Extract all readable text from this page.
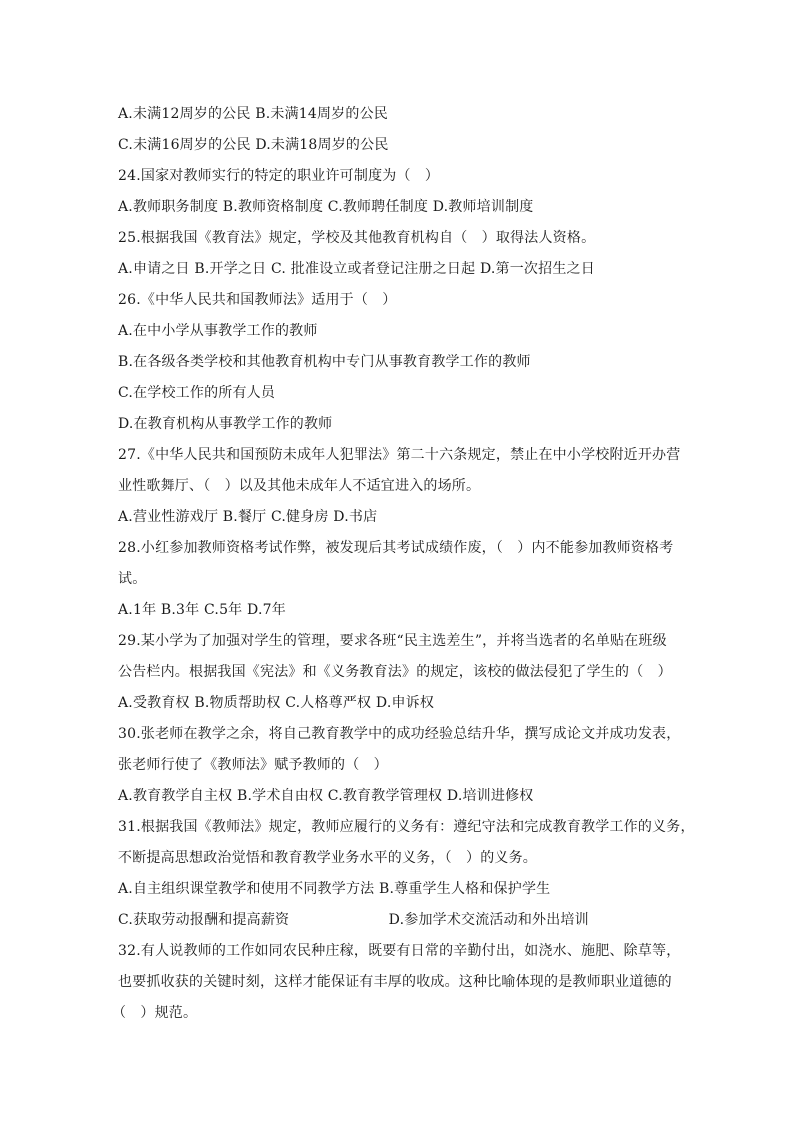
A.未满12周岁的公民 B.未满14周岁的公民
C.未满16周岁的公民 D.未满18周岁的公民
24.国家对教师实行的特定的职业许可制度为（　）
A.教师职务制度 B.教师资格制度 C.教师聘任制度 D.教师培训制度
25.根据我国《教育法》规定，学校及其他教育机构自（　）取得法人资格。
A.申请之日 B.开学之日 C. 批准设立或者登记注册之日起 D.第一次招生之日
26.《中华人民共和国教师法》适用于（　）
A.在中小学从事教学工作的教师
B.在各级各类学校和其他教育机构中专门从事教育教学工作的教师
C.在学校工作的所有人员
D.在教育机构从事教学工作的教师
27.《中华人民共和国预防未成年人犯罪法》第二十六条规定，禁止在中小学校附近开办营
业性歌舞厅、（　）以及其他未成年人不适宜进入的场所。
A.营业性游戏厅 B.餐厅 C.健身房 D.书店
28.小红参加教师资格考试作弊，被发现后其考试成绩作废，（　）内不能参加教师资格考
试。
A.1年 B.3年 C.5年 D.7年
29.某小学为了加强对学生的管理，要求各班“民主选差生”，并将当选者的名单贴在班级
公告栏内。根据我国《宪法》和《义务教育法》的规定，该校的做法侵犯了学生的（　）
A.受教育权 B.物质帮助权 C.人格尊严权 D.申诉权
30.张老师在教学之余，将自己教育教学中的成功经验总结升华，撰写成论文并成功发表，
张老师行使了《教师法》赋予教师的（　）
A.教育教学自主权 B.学术自由权 C.教育教学管理权 D.培训进修权
31.根据我国《教师法》规定，教师应履行的义务有：遵纪守法和完成教育教学工作的义务，
不断提高思想政治觉悟和教育教学业务水平的义务，（　）的义务。
A.自主组织课堂教学和使用不同教学方法 B.尊重学生人格和保护学生
C.获取劳动报酬和提高薪资　　　　　　　D.参加学术交流活动和外出培训
32.有人说教师的工作如同农民种庄稼，既要有日常的辛勤付出，如浇水、施肥、除草等，
也要抓收获的关键时刻，这样才能保证有丰厚的收成。这种比喻体现的是教师职业道德的
（　）规范。
